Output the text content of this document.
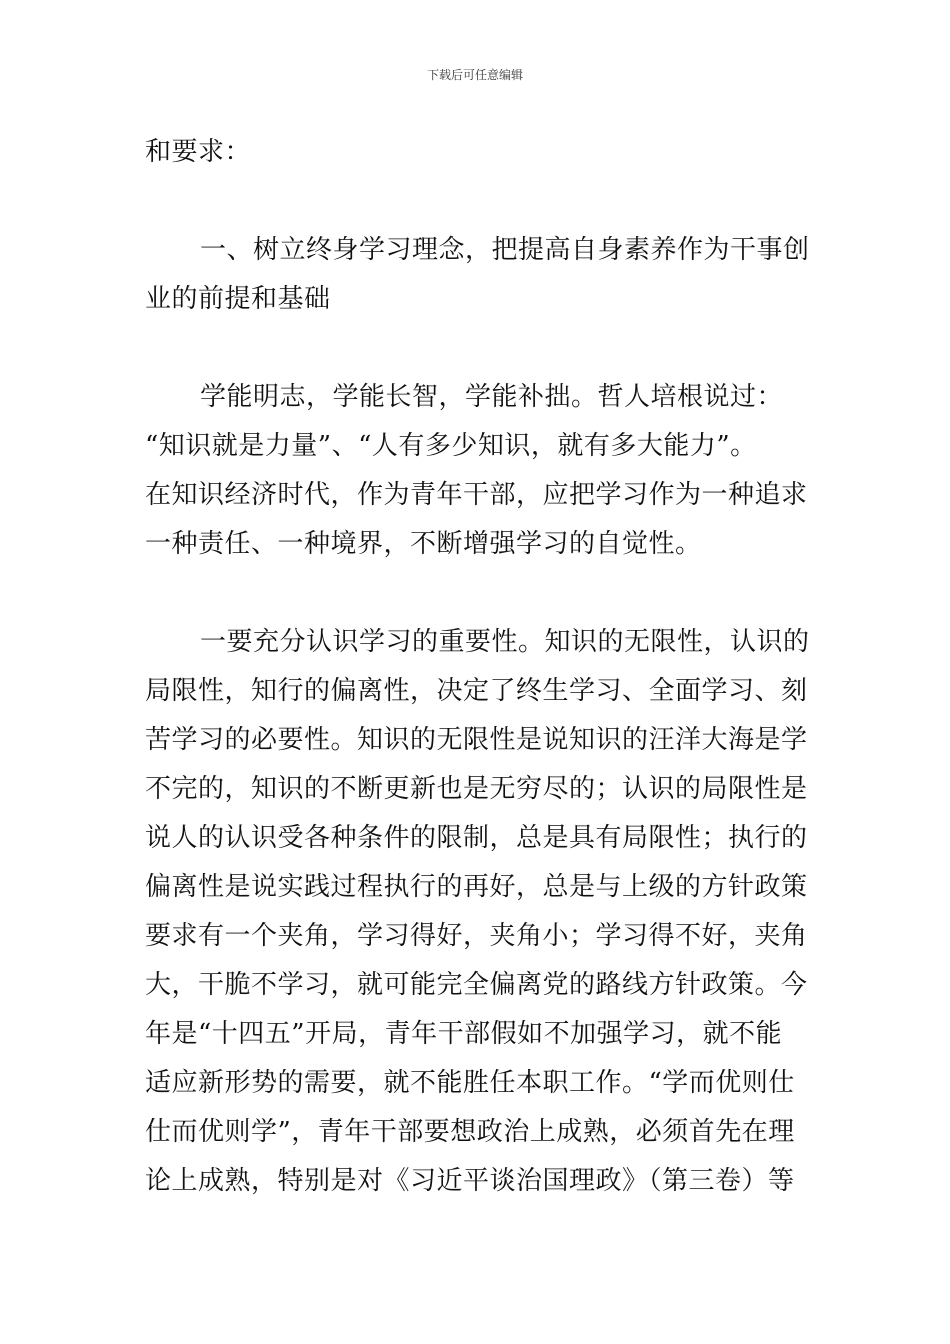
下载后可任意编辑
和要求：
一、树立终身学习理念，把提高自身素养作为干事创
业的前提和基础
学能明志，学能长智，学能补拙。哲人培根说过：
“知识就是力量”、“人有多少知识，就有多大能力”。
在知识经济时代，作为青年干部，应把学习作为一种追求
一种责任、一种境界，不断增强学习的自觉性。
一要充分认识学习的重要性。知识的无限性，认识的
局限性，知行的偏离性，决定了终生学习、全面学习、刻
苦学习的必要性。知识的无限性是说知识的汪洋大海是学
不完的，知识的不断更新也是无穷尽的；认识的局限性是
说人的认识受各种条件的限制，总是具有局限性；执行的
偏离性是说实践过程执行的再好，总是与上级的方针政策
要求有一个夹角，学习得好，夹角小；学习得不好，夹角
大，干脆不学习，就可能完全偏离党的路线方针政策。今
年是“十四五”开局，青年干部假如不加强学习，就不能
适应新形势的需要，就不能胜任本职工作。“学而优则仕
仕而优则学”，青年干部要想政治上成熟，必须首先在理
论上成熟，特别是对《习近平谈治国理政》（第三卷）等
